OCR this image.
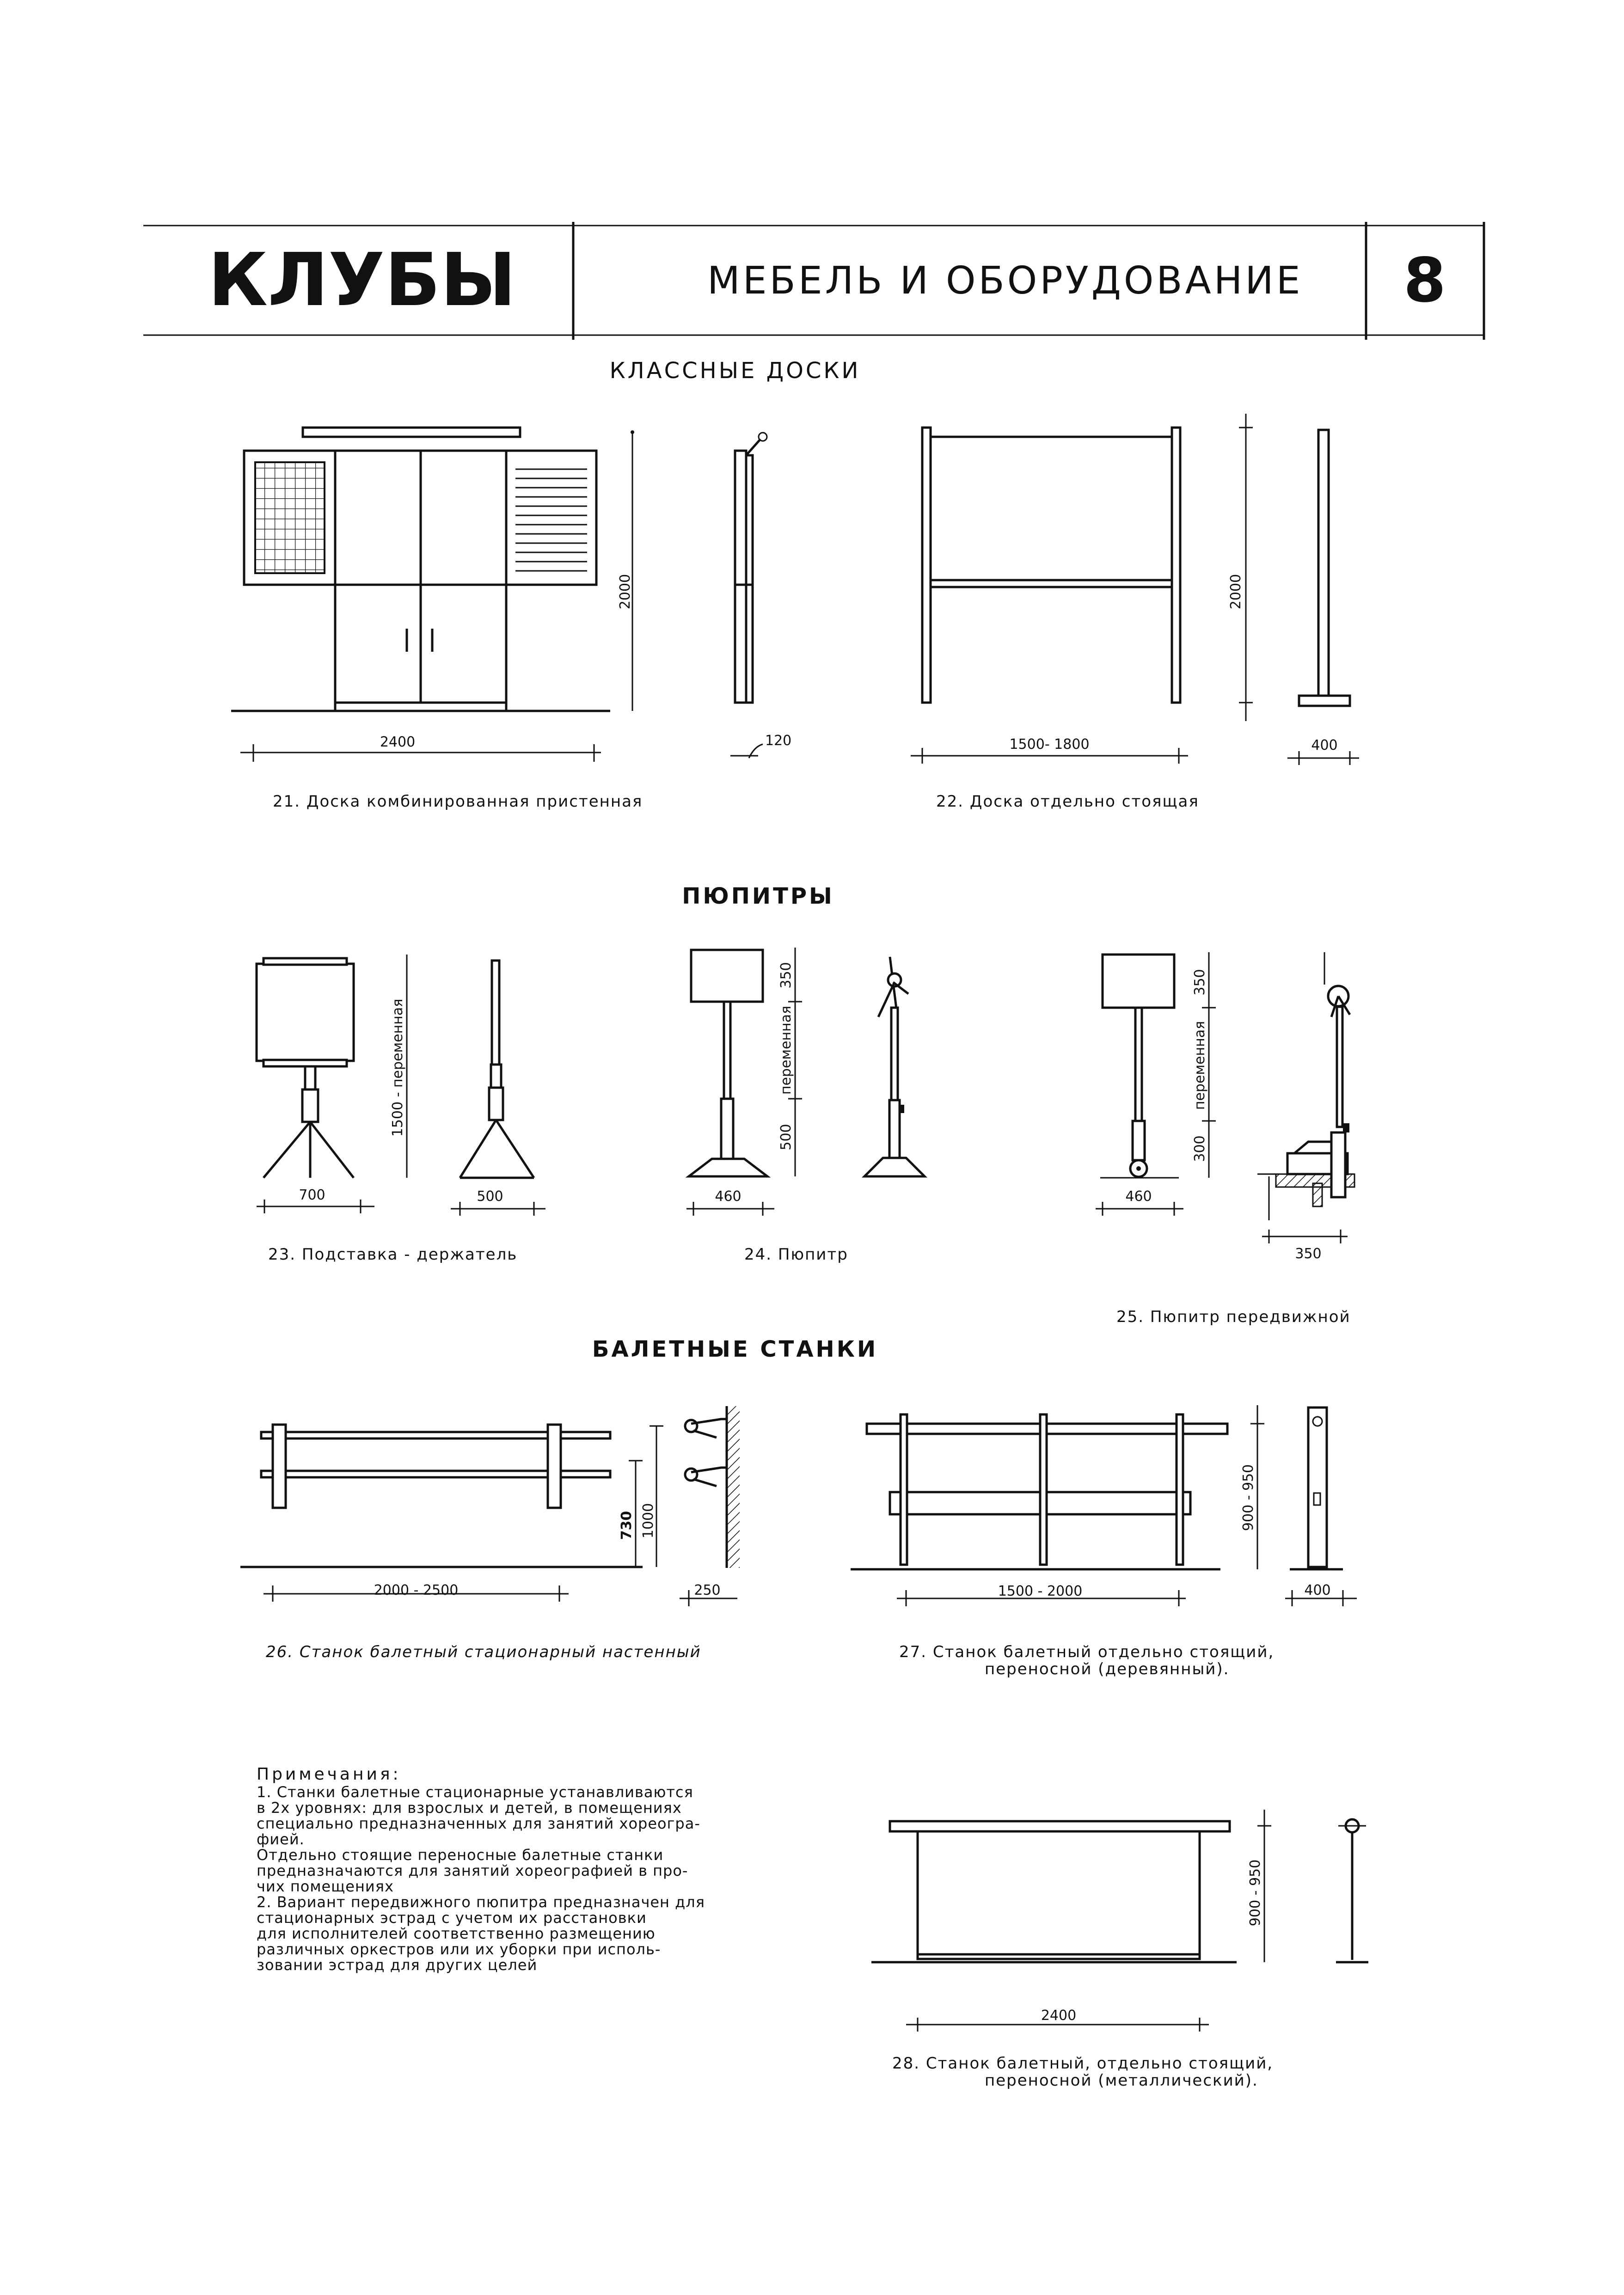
КЛУБЫ	МЕБЕЛЬ И ОБОРУДОВАНИЕ 8
КЛАССНЫЕ ДОСКИ
2400
2000
120	1500- 1800
2000
400
21. Доска комбинированная пристенная	22. Доска отдельно стоящая
ПЮПИТРЫ
700
1500 - переменная
500
23. Подставка - держатель
460
350
переменная
500
24. Пюпитр
460
350
переменная
300
350
25. Пюпитр передвижной
БАЛЕТНЫЕ СТАНКИ
2000 - 2500
730 1000
250
26. Станок балетный стационарный настенный
1500 - 2000
900 - 950
400
27. Станок балетный отдельно стоящий,
переносной (деревянный).
Примечания:
1. Станки балетные стационарные устанавливаются
в 2х уровнях: для взрослых и детей, в помещениях
специально предназначенных для занятий хореогра-
фией.
Отдельно стоящие переносные балетные станки
предназначаются для занятий хореографией в про-
чих помещениях
2. Вариант передвижного пюпитра предназначен для
стационарных эстрад с учетом их расстановки
для исполнителей соответственно размещению
различных оркестров или их уборки при исполь-
зовании эстрад для других целей
2400
900 - 950
28. Станок балетный, отдельно стоящий,
переносной (металлический).
